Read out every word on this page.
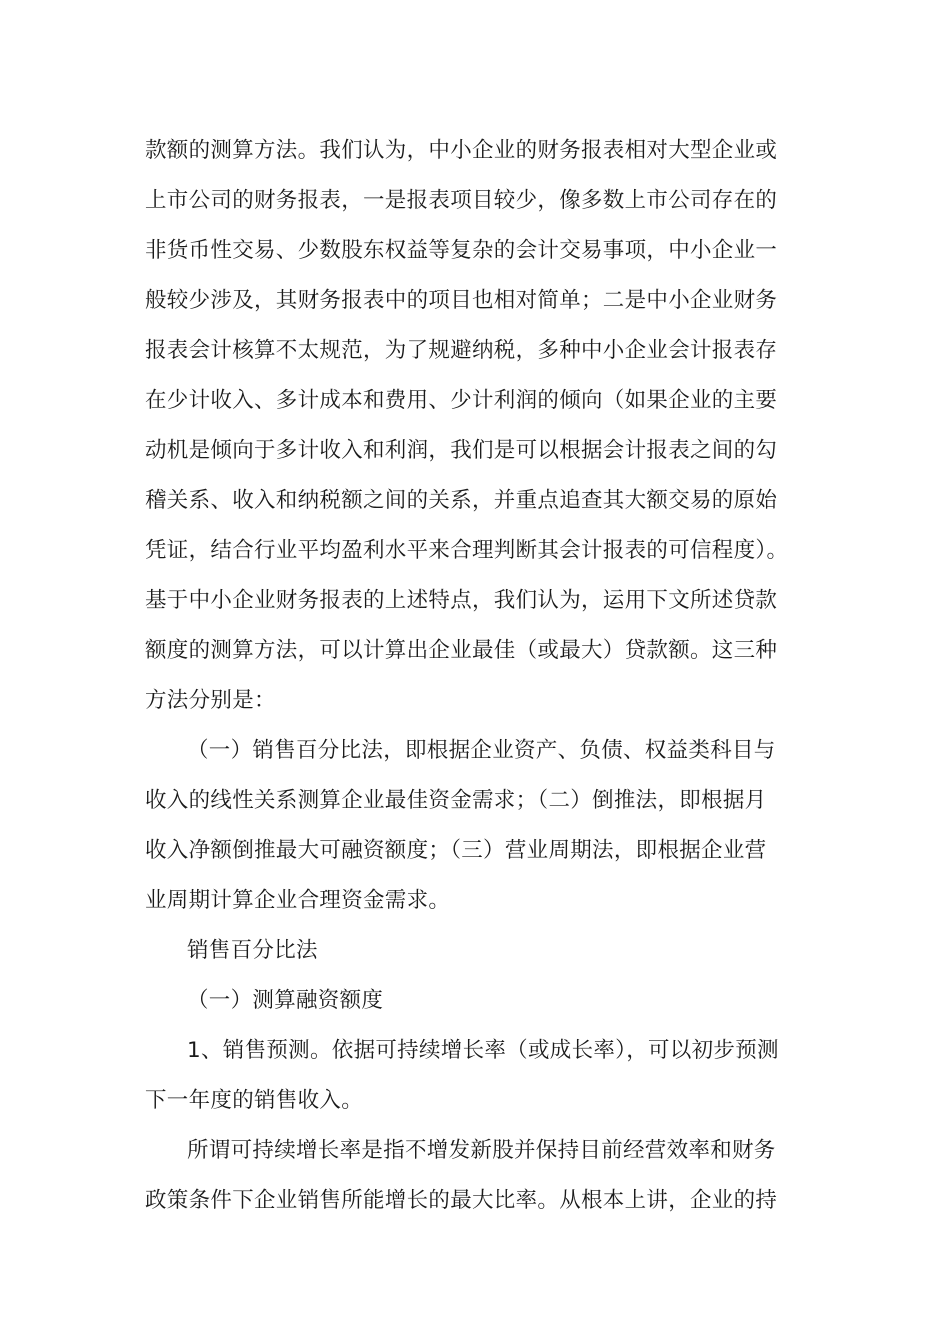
款额的测算方法。我们认为，中小企业的财务报表相对大型企业或
上市公司的财务报表，一是报表项目较少，像多数上市公司存在的
非货币性交易、少数股东权益等复杂的会计交易事项，中小企业一
般较少涉及，其财务报表中的项目也相对简单；二是中小企业财务
报表会计核算不太规范，为了规避纳税，多种中小企业会计报表存
在少计收入、多计成本和费用、少计利润的倾向（如果企业的主要
动机是倾向于多计收入和利润，我们是可以根据会计报表之间的勾
稽关系、收入和纳税额之间的关系，并重点追查其大额交易的原始
凭证，结合行业平均盈利水平来合理判断其会计报表的可信程度）。
基于中小企业财务报表的上述特点，我们认为，运用下文所述贷款
额度的测算方法，可以计算出企业最佳（或最大）贷款额。这三种
方法分别是：
（一）销售百分比法，即根据企业资产、负债、权益类科目与
收入的线性关系测算企业最佳资金需求；（二）倒推法，即根据月
收入净额倒推最大可融资额度；（三）营业周期法，即根据企业营
业周期计算企业合理资金需求。
销售百分比法
（一）测算融资额度
1、销售预测。依据可持续增长率（或成长率），可以初步预测
下一年度的销售收入。
所谓可持续增长率是指不增发新股并保持目前经营效率和财务
政策条件下企业销售所能增长的最大比率。从根本上讲，企业的持
